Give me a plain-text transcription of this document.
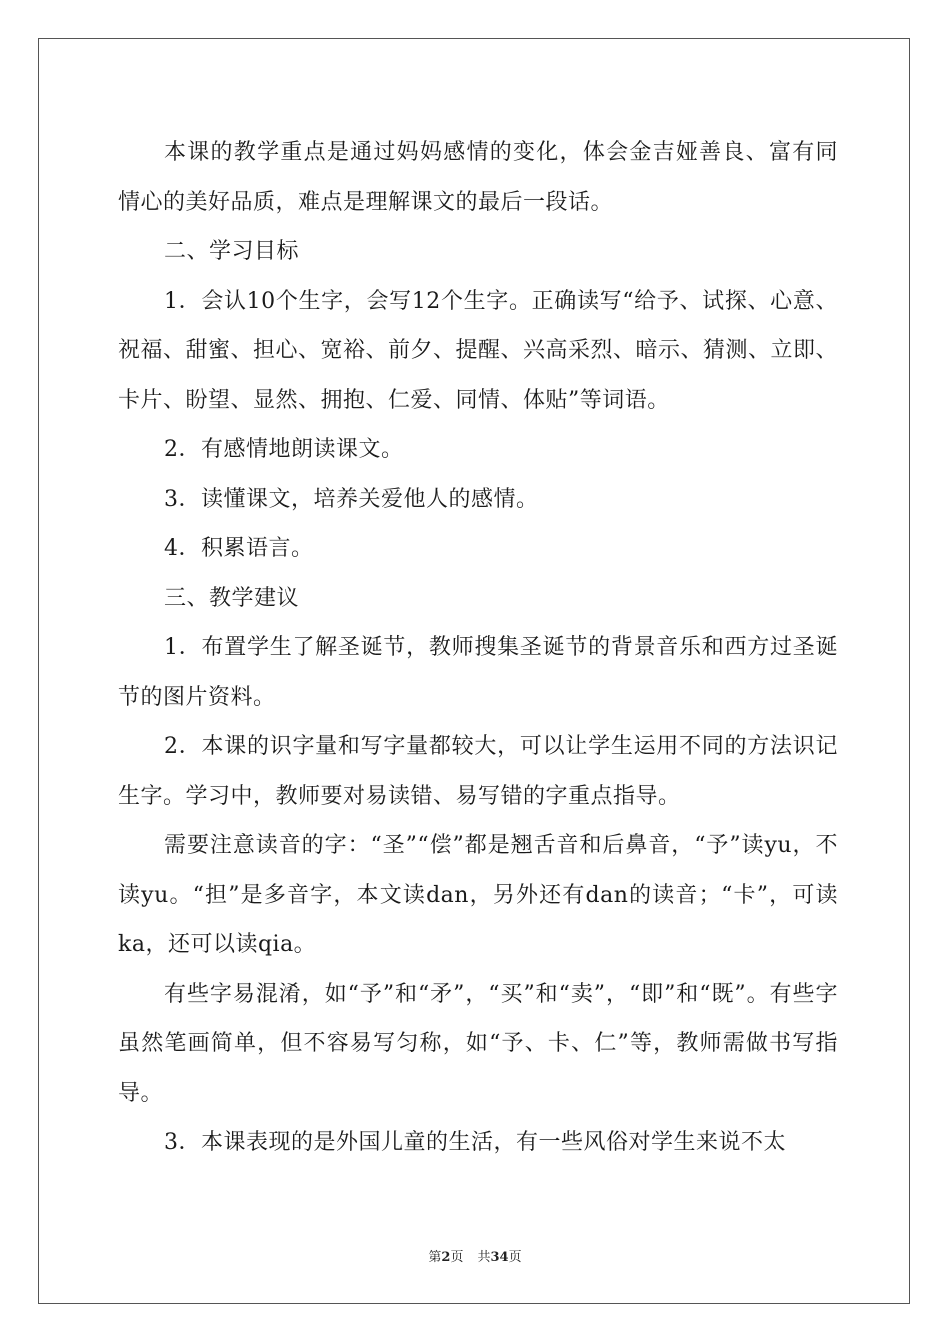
本课的教学重点是通过妈妈感情的变化，体会金吉娅善良、富有同情心的美好品质，难点是理解课文的最后一段话。

二、学习目标

1．会认10个生字，会写12个生字。正确读写“给予、试探、心意、祝福、甜蜜、担心、宽裕、前夕、提醒、兴高采烈、暗示、猜测、立即、卡片、盼望、显然、拥抱、仁爱、同情、体贴”等词语。

2．有感情地朗读课文。

3．读懂课文，培养关爱他人的感情。

4．积累语言。

三、教学建议

1．布置学生了解圣诞节，教师搜集圣诞节的背景音乐和西方过圣诞节的图片资料。

2．本课的识字量和写字量都较大，可以让学生运用不同的方法识记生字。学习中，教师要对易读错、易写错的字重点指导。

需要注意读音的字：“圣”“偿”都是翘舌音和后鼻音，“予”读yu，不读yu。“担”是多音字，本文读dan，另外还有dan的读音；“卡”，可读ka，还可以读qia。

有些字易混淆，如“予”和“矛”，“买”和“卖”，“即”和“既”。有些字虽然笔画简单，但不容易写匀称，如“予、卡、仁”等，教师需做书写指导。

3．本课表现的是外国儿童的生活，有一些风俗对学生来说不太

第2页 共34页
